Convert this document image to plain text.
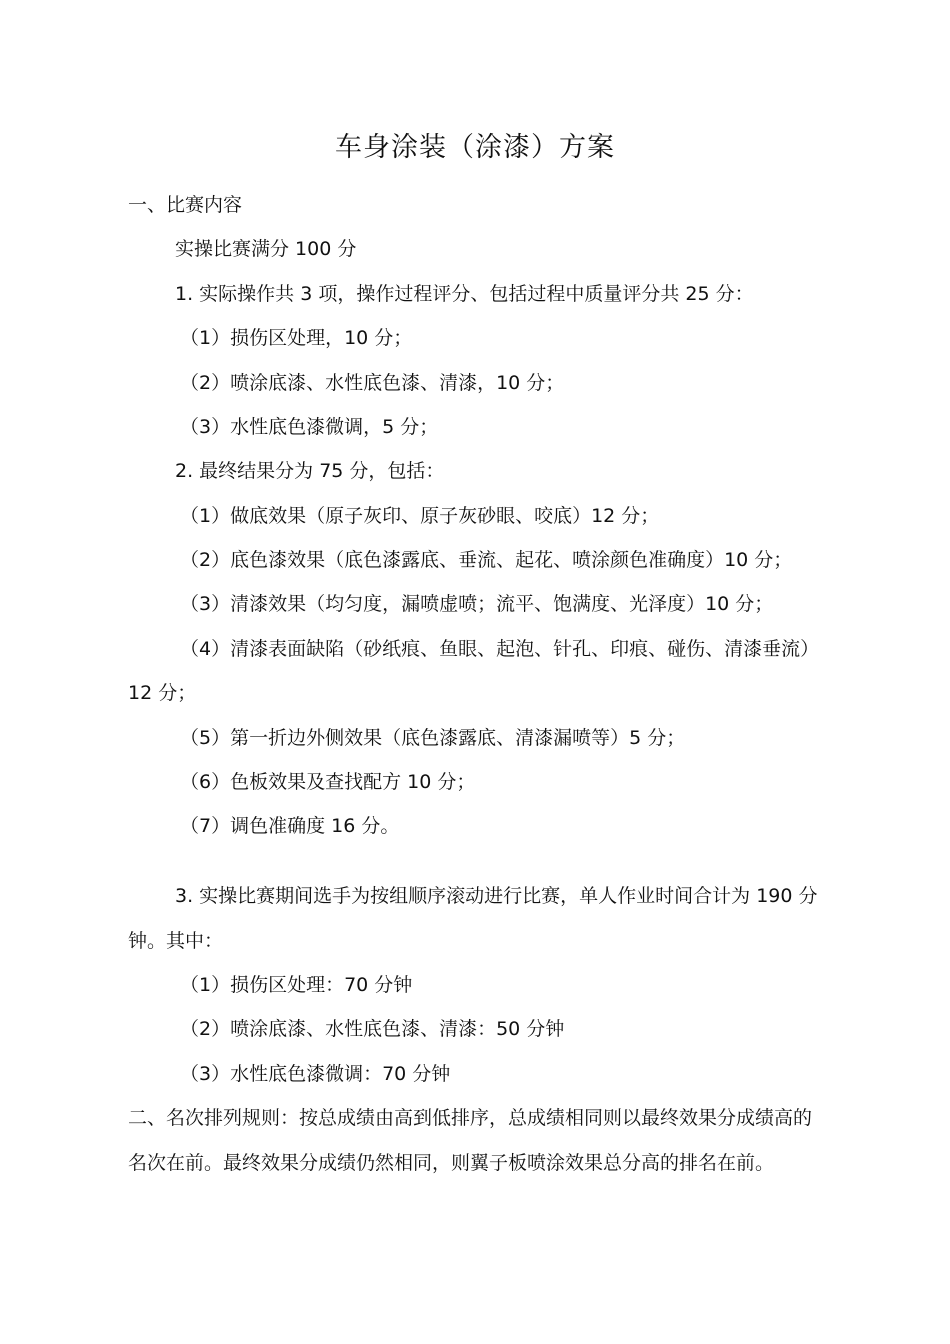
车身涂装（涂漆）方案
一、比赛内容
实操比赛满分 100 分
1. 实际操作共 3 项，操作过程评分、包括过程中质量评分共 25 分：
（1）损伤区处理，10 分；
（2）喷涂底漆、水性底色漆、清漆，10 分；
（3）水性底色漆微调，5 分；
2. 最终结果分为 75 分，包括：
（1）做底效果（原子灰印、原子灰砂眼、咬底）12 分；
（2）底色漆效果（底色漆露底、垂流、起花、喷涂颜色准确度）10 分；
（3）清漆效果（均匀度，漏喷虚喷；流平、饱满度、光泽度）10 分；
（4）清漆表面缺陷（砂纸痕、鱼眼、起泡、针孔、印痕、碰伤、清漆垂流）
12 分；
（5）第一折边外侧效果（底色漆露底、清漆漏喷等）5 分；
（6）色板效果及查找配方 10 分；
（7）调色准确度 16 分。
3. 实操比赛期间选手为按组顺序滚动进行比赛，单人作业时间合计为 190 分
钟。其中：
（1）损伤区处理：70 分钟
（2）喷涂底漆、水性底色漆、清漆：50 分钟
（3）水性底色漆微调：70 分钟
二、名次排列规则：按总成绩由高到低排序，总成绩相同则以最终效果分成绩高的
名次在前。最终效果分成绩仍然相同，则翼子板喷涂效果总分高的排名在前。
